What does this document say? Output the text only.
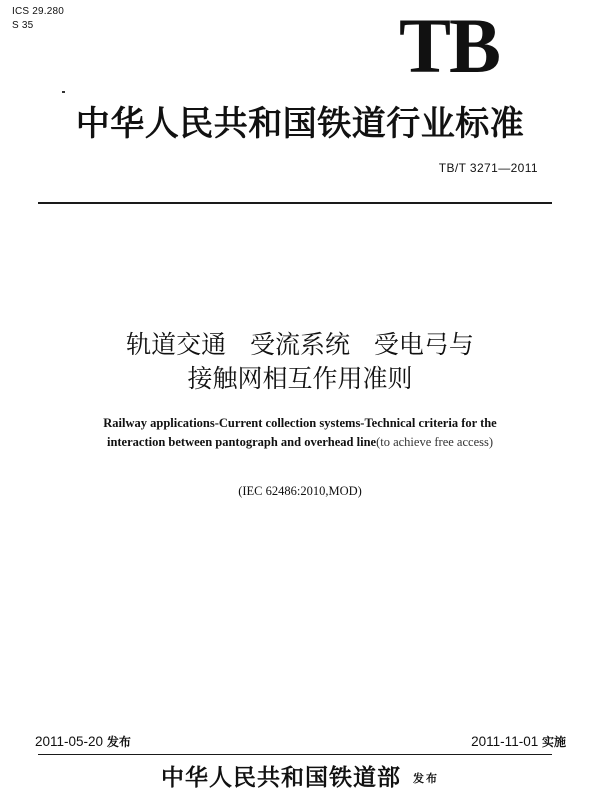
ICS 29.280
S 35	TB
中华人民共和国铁道行业标准
TB/T 3271—2011
轨道交通   受流系统   受电弓与
接触网相互作用准则
Railway applications-Current collection systems-Technical criteria for the
interaction between pantograph and overhead line(to achieve free access)
(IEC 62486:2010,MOD)
2011-05-20 发布	2011-11-01 实施
中华人民共和国铁道部 发布
